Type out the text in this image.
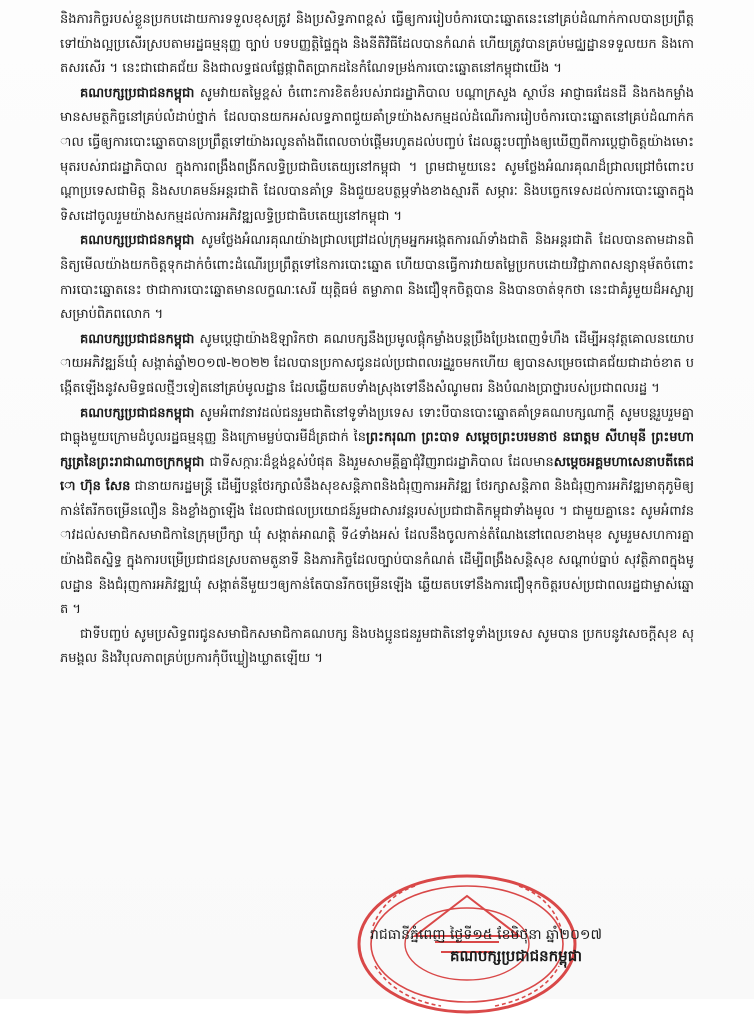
និងភារកិច្ចរបស់ខ្លួនប្រកបដោយការទទួលខុសត្រូវ និងប្រសិទ្ធភាពខ្ពស់ ធ្វើឲ្យការរៀបចំការបោះឆ្នោតនេះនៅគ្រប់ដំណាក់កាលបានប្រព្រឹត្តទៅយ៉ាងល្អប្រសើរស្របតាមរដ្ឋធម្មនុញ្ញ ច្បាប់ បទបញ្ញត្តិផ្ទៃក្នុង និងនីតិវិធីដែលបានកំណត់ ហើយត្រូវបានគ្រប់មជ្ឈដ្ឋានទទួលយក និងកោតសរសើរ ។ នេះជាជោគជ័យ និងជាលទ្ធផលផ្លែផ្កាពិតប្រាកដនៃកំណែទម្រង់ការបោះឆ្នោតនៅកម្ពុជាយើង ។

គណបក្សប្រជាជនកម្ពុជា សូមវាយតម្លៃខ្ពស់ ចំពោះការខិតខំរបស់រាជរដ្ឋាភិបាល បណ្តាក្រសួង ស្ថាប័ន អាជ្ញាធរដែនដី និងកងកម្លាំងមានសមត្ថកិច្ចនៅគ្រប់លំដាប់ថ្នាក់ ដែលបានយកអស់លទ្ធភាពជួយគាំទ្រយ៉ាងសកម្មដល់ដំណើរការរៀបចំការបោះឆ្នោតនៅគ្រប់ដំណាក់កាល ធ្វើឲ្យការបោះឆ្នោតបានប្រព្រឹត្តទៅយ៉ាងរលូនតាំងពីពេលចាប់ផ្តើមរហូតដល់បញ្ចប់ ដែលឆ្លុះបញ្ចាំងឲ្យឃើញពីការប្តេជ្ញាចិត្តយ៉ាងមោះមុតរបស់រាជរដ្ឋាភិបាល ក្នុងការពង្រឹងពង្រីកលទ្ធិប្រជាធិបតេយ្យនៅកម្ពុជា ។ ព្រមជាមួយនេះ សូមថ្លែងអំណរគុណដ៏ជ្រាលជ្រៅចំពោះបណ្តាប្រទេសជាមិត្ត និងសហគមន៍អន្តរជាតិ ដែលបានគាំទ្រ និងជួយឧបត្ថម្ភទាំងខាងស្មារតី សម្ភារៈ និងបច្ចេកទេសដល់ការបោះឆ្នោតក្នុងទិសដៅចូលរួមយ៉ាងសកម្មដល់ការអភិវឌ្ឍលទ្ធិប្រជាធិបតេយ្យនៅកម្ពុជា ។

គណបក្សប្រជាជនកម្ពុជា សូមថ្លែងអំណរគុណយ៉ាងជ្រាលជ្រៅដល់ក្រុមអ្នកអង្កេតការណ៍ទាំងជាតិ និងអន្តរជាតិ ដែលបានតាមដានពិនិត្យមើលយ៉ាងយកចិត្តទុកដាក់ចំពោះដំណើរប្រព្រឹត្តទៅនៃការបោះឆ្នោត ហើយបានធ្វើការវាយតម្លៃប្រកបដោយវិជ្ជាភាពសន្យានុម័តចំពោះការបោះឆ្នោតនេះ ថាជាការបោះឆ្នោតមានលក្ខណៈសេរី យុត្តិធម៌ តម្លាភាព និងជឿទុកចិត្តបាន និងបានចាត់ទុកថា នេះជាគំរូមួយដ៏អស្ចារ្យសម្រាប់ពិភពលោក ។

គណបក្សប្រជាជនកម្ពុជា សូមប្តេជ្ញាយ៉ាងឱឡារិកថា គណបក្សនឹងប្រមូលផ្តុំកម្លាំងបន្តប្រឹងប្រែងពេញទំហឹង ដើម្បីអនុវត្តគោលនយោបាយអភិវឌ្ឍន៍ឃុំ សង្កាត់ឆ្នាំ២០១៧-២០២២ ដែលបានប្រកាសជូនដល់ប្រជាពលរដ្ឋរួចមកហើយ ឲ្យបានសម្រេចជោគជ័យជាដាច់ខាត បង្កើតឡើងនូវសមិទ្ធផលថ្មីៗទៀតនៅគ្រប់មូលដ្ឋាន ដែលឆ្លើយតបទាំងស្រុងទៅនឹងសំណូមពរ និងបំណងប្រាថ្នារបស់ប្រជាពលរដ្ឋ ។

គណបក្សប្រជាជនកម្ពុជា សូមអំពាវនាវដល់ជនរួមជាតិនៅទូទាំងប្រទេស ទោះបីបានបោះឆ្នោតគាំទ្រគណបក្សណាក្តី សូមបន្តរួបរួមគ្នាជាធ្លុងមួយក្រោមដំបូលរដ្ឋធម្មនុញ្ញ និងក្រោមម្លប់បារមីដ៏ត្រជាក់ នៃព្រះករុណា ព្រះបាទ សម្តេចព្រះបរមនាថ នរោត្តម សីហមុនី ព្រះមហាក្សត្រនៃព្រះរាជាណាចក្រកម្ពុជា ជាទីសក្ការៈដ៏ខ្ពង់ខ្ពស់បំផុត និងរួមសាមគ្គីគ្នាជុំវិញរាជរដ្ឋាភិបាល ដែលមានសម្តេចអគ្គមហាសេនាបតីតេជោ ហ៊ុន សែន ជានាយករដ្ឋមន្ត្រី ដើម្បីបន្តថែរក្សាលំនឹងសុខសន្តិភាពនិងជំរុញការអភិវឌ្ឍ ថែរក្សាសន្តិភាព និងជំរុញការអភិវឌ្ឍមាតុភូមិឲ្យកាន់តែរីកចម្រើនលឿន និងខ្លាំងក្លាឡើង ដែលជាផលប្រយោជន៍រួមជាសារវន្តរបស់ប្រជាជាតិកម្ពុជាទាំងមូល ។ ជាមួយគ្នានេះ សូមអំពាវនាវដល់សមាជិកសមាជិកានៃក្រុមប្រឹក្សា ឃុំ សង្កាត់អាណត្តិ ទី៤ទាំងអស់ ដែលនឹងចូលកាន់តំណែងនៅពេលខាងមុខ សូមរួមសហការគ្នាយ៉ាងជិតស្និទ្ធ ក្នុងការបម្រើប្រជាជនស្របតាមតួនាទី និងភារកិច្ចដែលច្បាប់បានកំណត់ ដើម្បីពង្រឹងសន្តិសុខ សណ្តាប់ធ្នាប់ សុវត្ថិភាពក្នុងមូលដ្ឋាន និងជំរុញការអភិវឌ្ឍឃុំ សង្កាត់នីមួយៗឲ្យកាន់តែបានរីកចម្រើនឡើង ឆ្លើយតបទៅនឹងការជឿទុកចិត្តរបស់ប្រជាពលរដ្ឋជាម្ចាស់ឆ្នោត ។

ជាទីបញ្ចប់ សូមប្រសិទ្ធពរជូនសមាជិកសមាជិកាគណបក្ស និងបងប្អូនជនរួមជាតិនៅទូទាំងប្រទេស សូមបាន ប្រកបនូវសេចក្តីសុខ សុភមង្គល និងវិបុលភាពគ្រប់ប្រការកុំបីឃ្លៀងឃ្លាតឡើយ ។

រាជធានីភ្នំពេញ ថ្ងៃទី១៥ ខែមិថុនា ឆ្នាំ២០១៧
គណបក្សប្រជាជនកម្ពុជា
